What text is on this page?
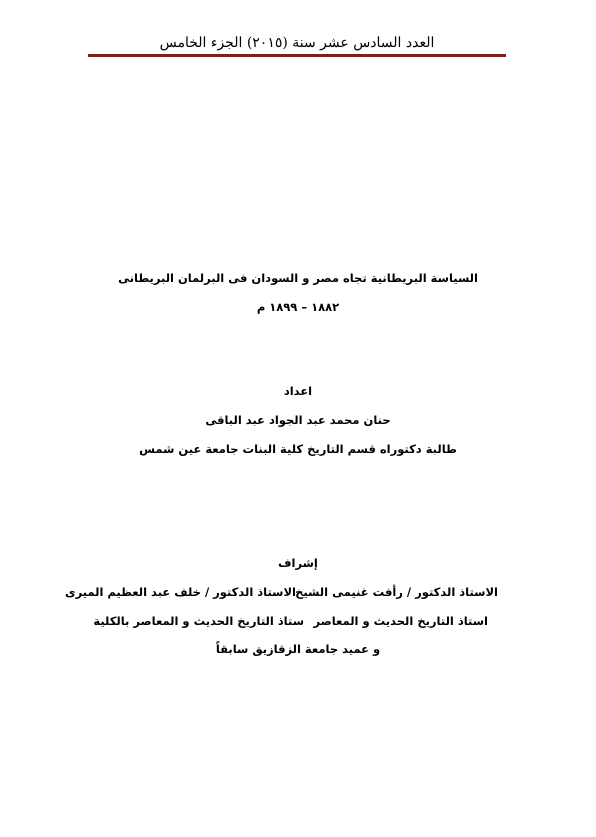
العدد السادس عشر سنة (٢٠١٥) الجزء الخامس
السياسة البريطانية تجاه مصر و السودان فى البرلمان البريطانى
١٨٨٢ – ١٨٩٩ م
اعداد
حنان محمد عبد الجواد عبد الباقى
طالبة دكتوراه قسم التاريخ كلية البنات جامعة عين شمس
إشراف
الاستاذ الدكتور / رأفت غنيمى الشيخ
الاستاذ الدكتور / خلف عبد العظيم الميرى
استاذ التاريخ الحديث و المعاصر
ستاذ التاريخ الحديث و المعاصر بالكلية
و عميد جامعة الزقازيق سابقاً
